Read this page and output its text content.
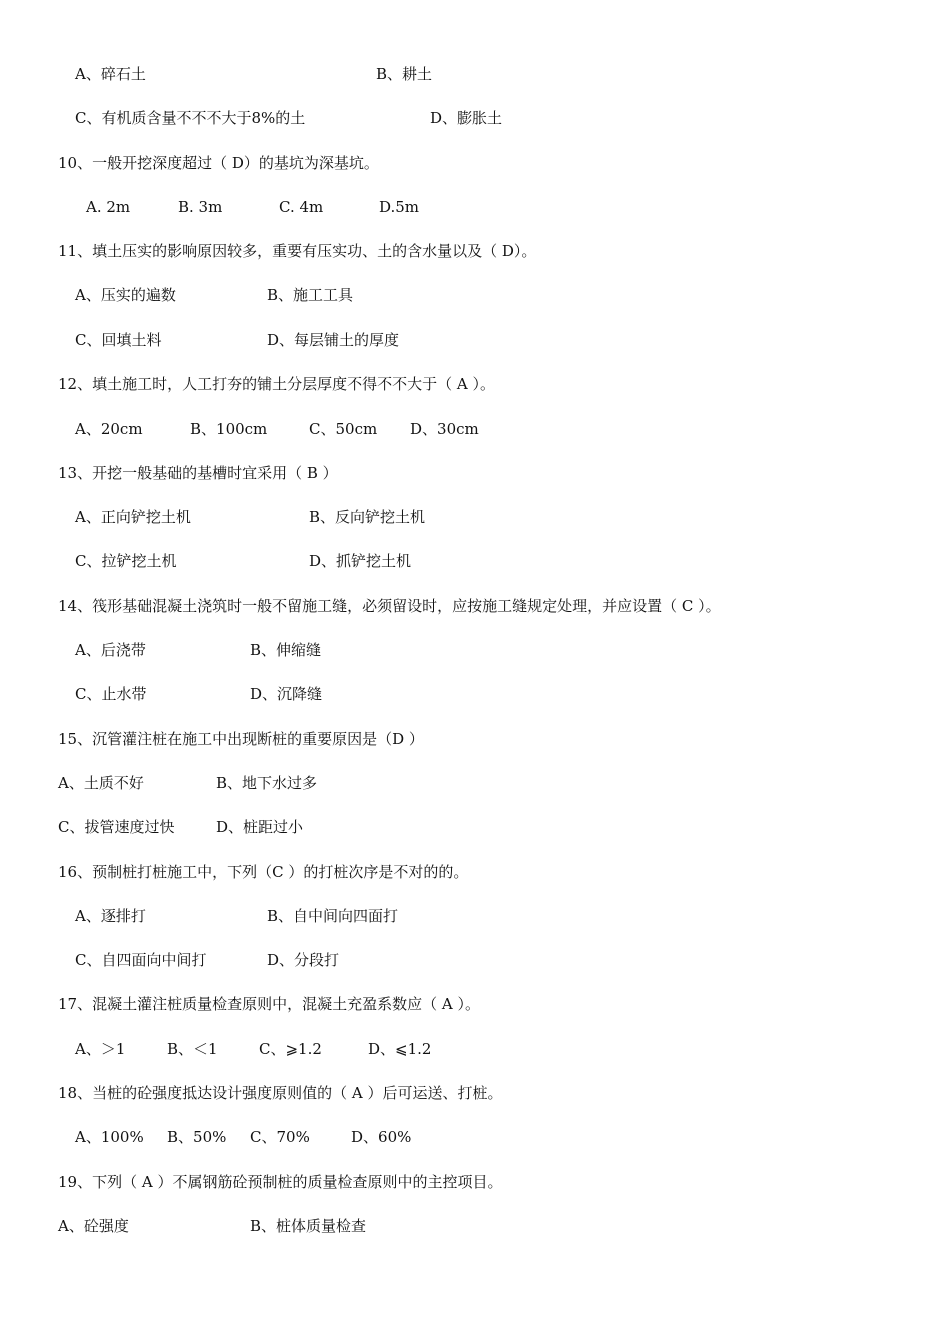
A、碎石土	B、耕土
C、有机质含量不不不大于8%的土	D、膨胀土
10、一般开挖深度超过（ D）的基坑为深基坑。
A. 2m	B. 3m	C. 4m	D.5m
11、填土压实的影响原因较多，重要有压实功、土的含水量以及（ D）。
A、压实的遍数	B、施工工具
C、回填土料	D、每层铺土的厚度
12、填土施工时，人工打夯的铺土分层厚度不得不不大于（ A ）。
A、20cm	B、100cm	C、50cm D、30cm
13、开挖一般基础的基槽时宜采用（ B ）
A、正向铲挖土机	B、反向铲挖土机
C、拉铲挖土机	D、抓铲挖土机
14、筏形基础混凝土浇筑时一般不留施工缝，必须留设时，应按施工缝规定处理，并应设置（ C ）。
A、后浇带	B、伸缩缝
C、止水带	D、沉降缝
15、沉管灌注桩在施工中出现断桩的重要原因是（D ）
A、土质不好	B、地下水过多
C、拔管速度过快	D、桩距过小
16、预制桩打桩施工中，下列（C ）的打桩次序是不对的的。
A、逐排打	B、自中间向四面打
C、自四面向中间打	D、分段打
17、混凝土灌注桩质量检查原则中，混凝土充盈系数应（ A ）。
A、＞1	B、＜1	C、⩾1.2	D、⩽1.2
18、当桩的砼强度抵达设计强度原则值的（ A ）后可运送、打桩。
A、100% B、50% C、70%	D、60%
19、下列（ A ）不属钢筋砼预制桩的质量检查原则中的主控项目。
A、砼强度	B、桩体质量检查
